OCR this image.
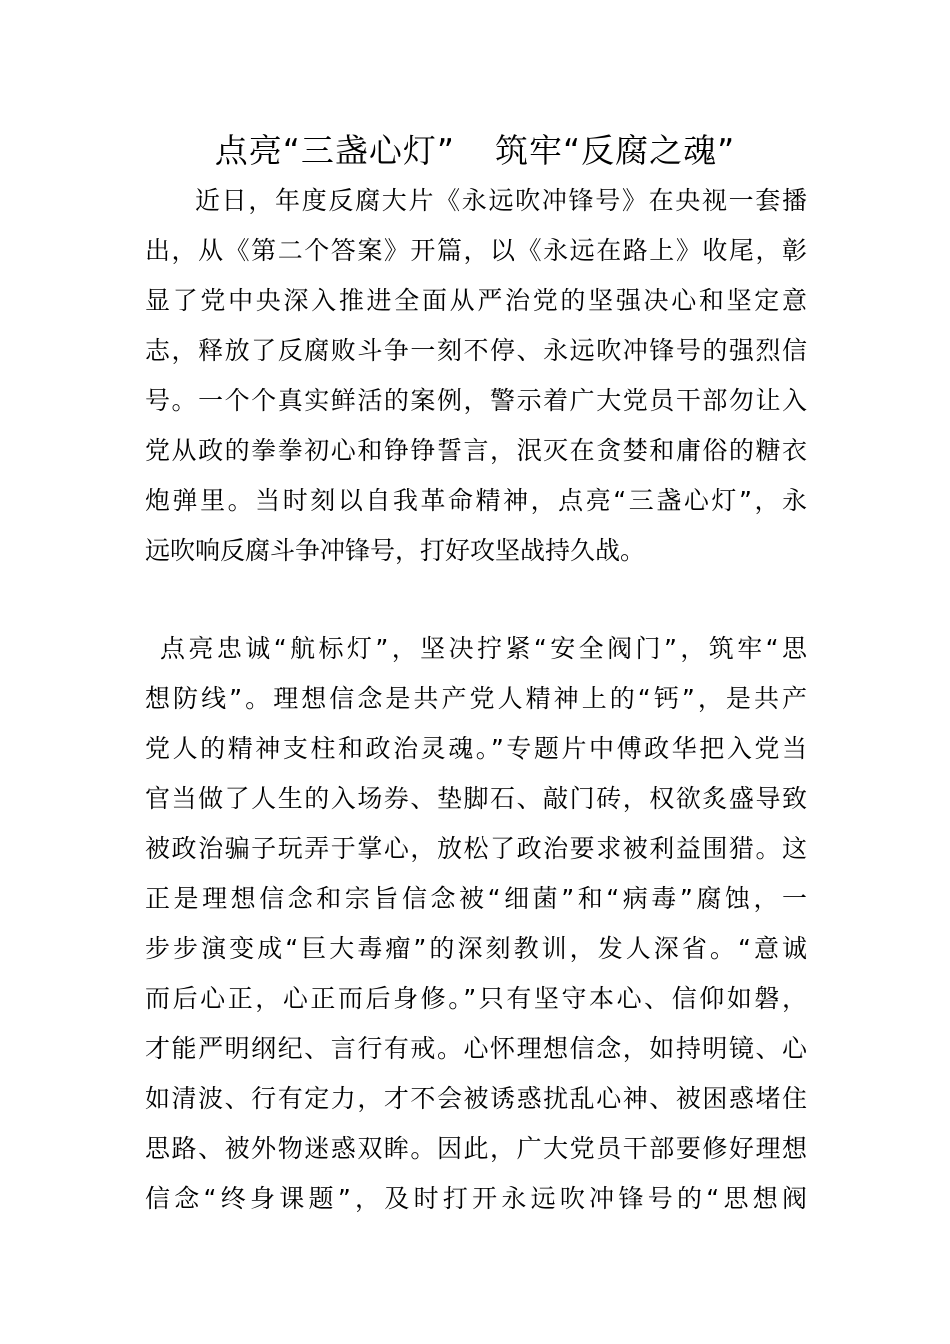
点亮“三盏心灯” 筑牢“反腐之魂”
近日，年度反腐大片《永远吹冲锋号》在央视一套播
出，从《第二个答案》开篇，以《永远在路上》收尾，彰
显了党中央深入推进全面从严治党的坚强决心和坚定意
志，释放了反腐败斗争一刻不停、永远吹冲锋号的强烈信
号。一个个真实鲜活的案例，警示着广大党员干部勿让入
党从政的拳拳初心和铮铮誓言，泯灭在贪婪和庸俗的糖衣
炮弹里。当时刻以自我革命精神，点亮“三盏心灯”，永
远吹响反腐斗争冲锋号，打好攻坚战持久战。
点亮忠诚“航标灯”，坚决拧紧“安全阀门”，筑牢“思
想防线”。理想信念是共产党人精神上的“钙”，是共产
党人的精神支柱和政治灵魂。”专题片中傅政华把入党当
官当做了人生的入场券、垫脚石、敲门砖，权欲炙盛导致
被政治骗子玩弄于掌心，放松了政治要求被利益围猎。这
正是理想信念和宗旨信念被“细菌”和“病毒”腐蚀，一
步步演变成“巨大毒瘤”的深刻教训，发人深省。“意诚
而后心正，心正而后身修。”只有坚守本心、信仰如磐，
才能严明纲纪、言行有戒。心怀理想信念，如持明镜、心
如清波、行有定力，才不会被诱惑扰乱心神、被困惑堵住
思路、被外物迷惑双眸。因此，广大党员干部要修好理想
信念“终身课题”，及时打开永远吹冲锋号的“思想阀
